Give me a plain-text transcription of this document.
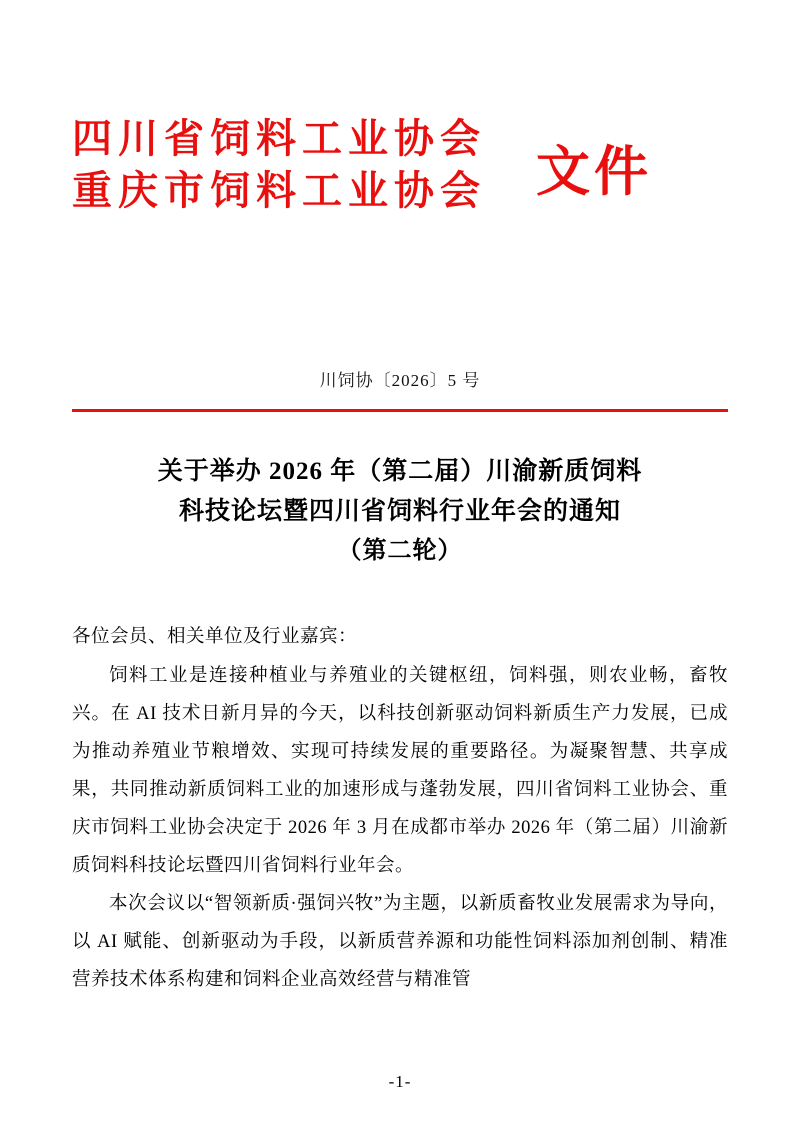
四川省饲料工业协会
重庆市饲料工业协会 文件
川饲协〔2026〕5 号
关于举办 2026 年（第二届）川渝新质饲料
科技论坛暨四川省饲料行业年会的通知
（第二轮）

各位会员、相关单位及行业嘉宾：

饲料工业是连接种植业与养殖业的关键枢纽，饲料强，则农业畅，畜牧兴。在 AI 技术日新月异的今天，以科技创新驱动饲料新质生产力发展，已成为推动养殖业节粮增效、实现可持续发展的重要路径。为凝聚智慧、共享成果，共同推动新质饲料工业的加速形成与蓬勃发展，四川省饲料工业协会、重庆市饲料工业协会决定于 2026 年 3 月在成都市举办 2026 年（第二届）川渝新质饲料科技论坛暨四川省饲料行业年会。

本次会议以“智领新质·强饲兴牧”为主题，以新质畜牧业发展需求为导向，以 AI 赋能、创新驱动为手段，以新质营养源和功能性饲料添加剂创制、精准营养技术体系构建和饲料企业高效经营与精准管

-1-
